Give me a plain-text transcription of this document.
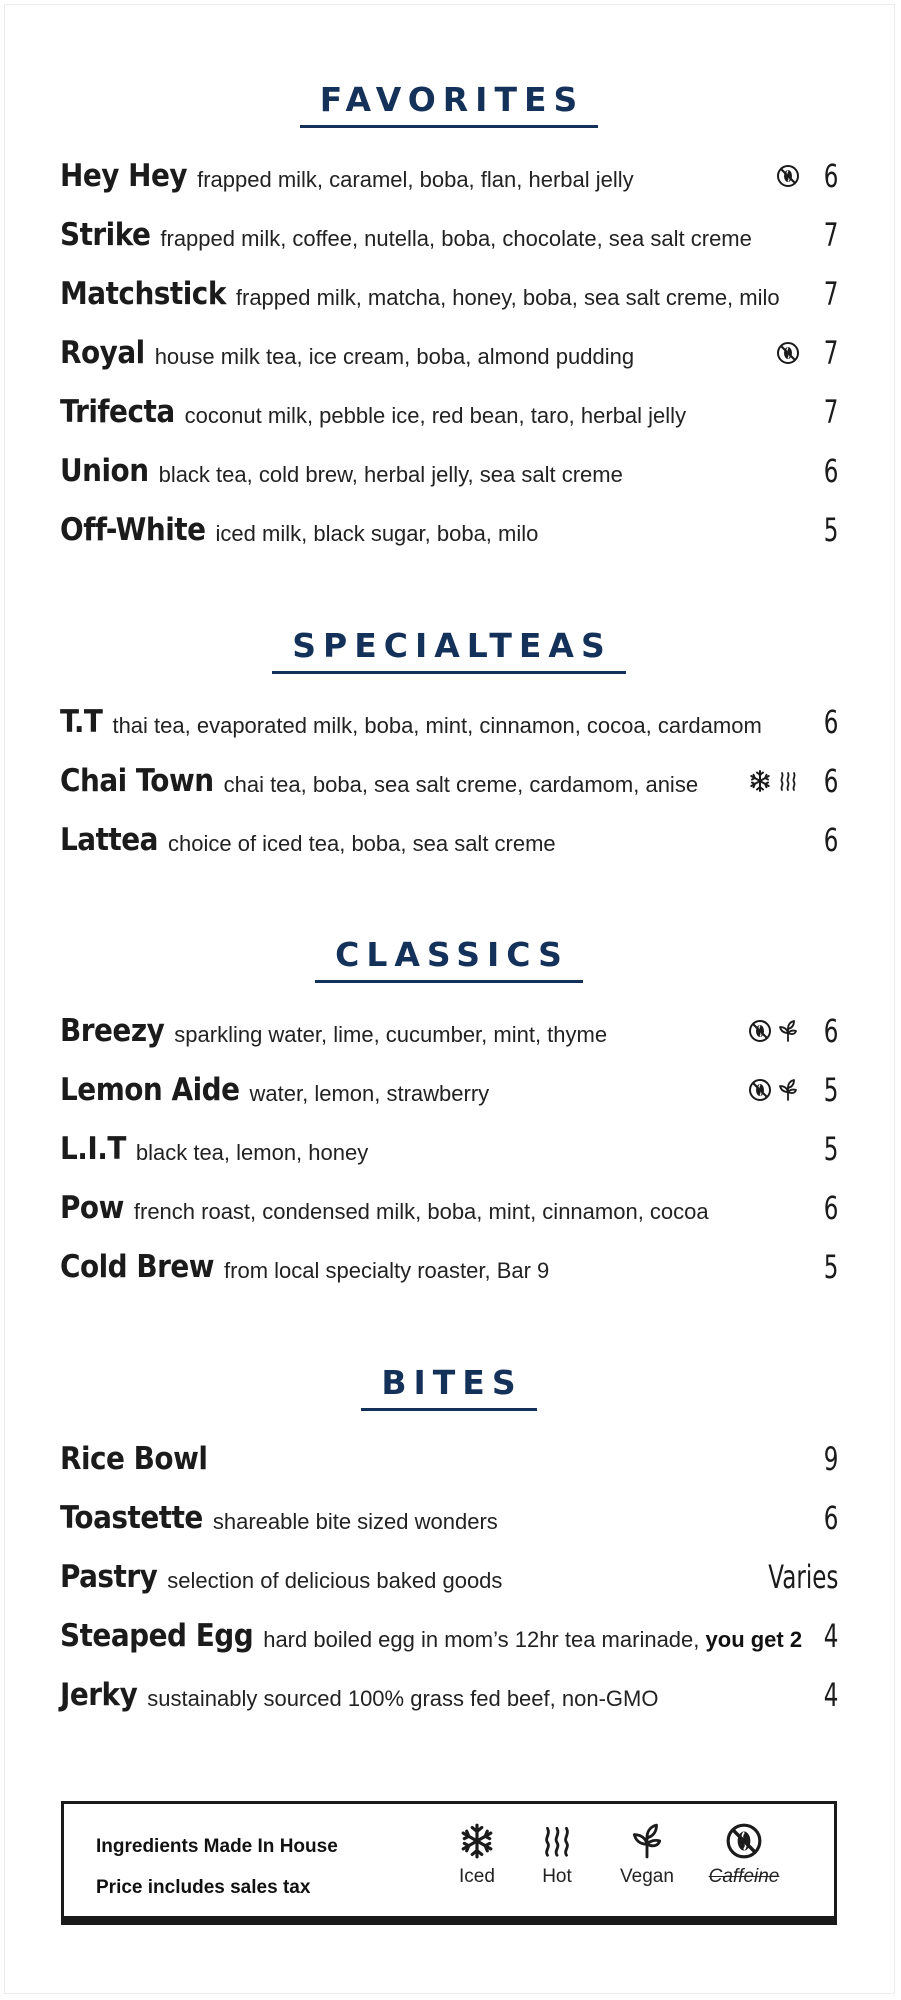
FAVORITES
Hey Hey frapped milk, caramel, boba, flan, herbal jelly	6
Strike frapped milk, coffee, nutella, boba, chocolate, sea salt creme 7
Matchstick frapped milk, matcha, honey, boba, sea salt creme, milo 7
Royal house milk tea, ice cream, boba, almond pudding	7
Trifecta coconut milk, pebble ice, red bean, taro, herbal jelly	7
Union black tea, cold brew, herbal jelly, sea salt creme	6
Off-White iced milk, black sugar, boba, milo	5
SPECIALTEAS
T.T thai tea, evaporated milk, boba, mint, cinnamon, cocoa, cardamom 6
Chai Town chai tea, boba, sea salt creme, cardamom, anise	6
Lattea choice of iced tea, boba, sea salt creme	6
CLASSICS
Breezy sparkling water, lime, cucumber, mint, thyme	6
Lemon Aide water, lemon, strawberry	5
L.I.T black tea, lemon, honey	5
Pow french roast, condensed milk, boba, mint, cinnamon, cocoa	6
Cold Brew from local specialty roaster, Bar 9	5
BITES
Rice Bowl	9
Toastette shareable bite sized wonders	6
Pastry selection of delicious baked goods	Varies
Steaped Egg hard boiled egg in mom’s 12hr tea marinade, you get 2 4
Jerky sustainably sourced 100% grass fed beef, non-GMO	4
Ingredients Made In House
Price includes sales tax
Iced	Hot	Vegan	Caffeine
